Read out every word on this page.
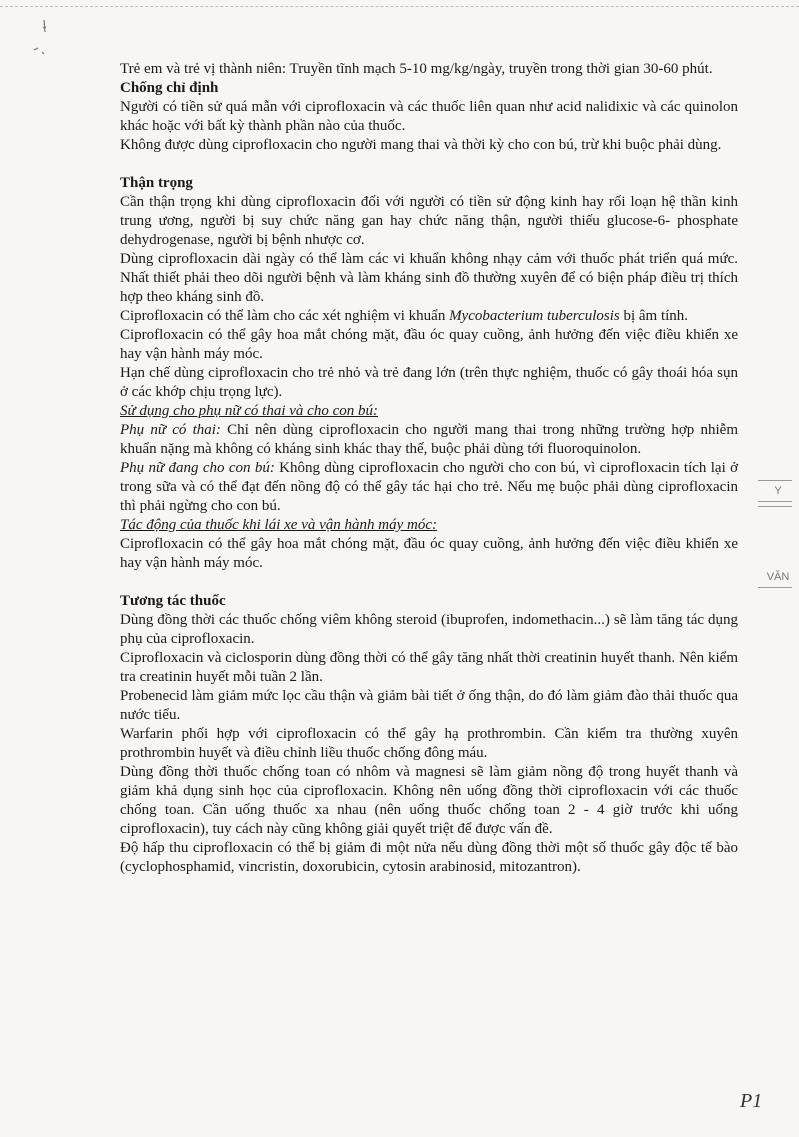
Trẻ em và trẻ vị thành niên: Truyền tĩnh mạch 5-10 mg/kg/ngày, truyền trong thời gian 30-60 phút.

Chống chỉ định

Người có tiền sử quá mẫn với ciprofloxacin và các thuốc liên quan như acid nalidixic và các quinolon khác hoặc với bất kỳ thành phần nào của thuốc.

Không được dùng ciprofloxacin cho người mang thai và thời kỳ cho con bú, trừ khi buộc phải dùng.

Thận trọng

Cần thận trọng khi dùng ciprofloxacin đối với người có tiền sử động kinh hay rối loạn hệ thần kinh trung ương, người bị suy chức năng gan hay chức năng thận, người thiếu glucose-6- phosphate dehydrogenase, người bị bệnh nhược cơ.

Dùng ciprofloxacin dài ngày có thể làm các vi khuẩn không nhạy cảm với thuốc phát triển quá mức. Nhất thiết phải theo dõi người bệnh và làm kháng sinh đồ thường xuyên để có biện pháp điều trị thích hợp theo kháng sinh đồ.

Ciprofloxacin có thể làm cho các xét nghiệm vi khuẩn Mycobacterium tuberculosis bị âm tính.

Ciprofloxacin có thể gây hoa mắt chóng mặt, đầu óc quay cuồng, ảnh hưởng đến việc điều khiển xe hay vận hành máy móc.

Hạn chế dùng ciprofloxacin cho trẻ nhỏ và trẻ đang lớn (trên thực nghiệm, thuốc có gây thoái hóa sụn ở các khớp chịu trọng lực).

Sử dụng cho phụ nữ có thai và cho con bú:

Phụ nữ có thai: Chỉ nên dùng ciprofloxacin cho người mang thai trong những trường hợp nhiễm khuẩn nặng mà không có kháng sinh khác thay thế, buộc phải dùng tới fluoroquinolon.

Phụ nữ đang cho con bú: Không dùng ciprofloxacin cho người cho con bú, vì ciprofloxacin tích lại ở trong sữa và có thể đạt đến nồng độ có thể gây tác hại cho trẻ. Nếu mẹ buộc phải dùng ciprofloxacin thì phải ngừng cho con bú.

Tác động của thuốc khi lái xe và vận hành máy móc:

Ciprofloxacin có thể gây hoa mắt chóng mặt, đầu óc quay cuồng, ảnh hưởng đến việc điều khiển xe hay vận hành máy móc.

Tương tác thuốc

Dùng đồng thời các thuốc chống viêm không steroid (ibuprofen, indomethacin...) sẽ làm tăng tác dụng phụ của ciprofloxacin.

Ciprofloxacin và ciclosporin dùng đồng thời có thể gây tăng nhất thời creatinin huyết thanh. Nên kiểm tra creatinin huyết mỗi tuần 2 lần.

Probenecid làm giảm mức lọc cầu thận và giảm bài tiết ở ống thận, do đó làm giảm đào thải thuốc qua nước tiểu.

Warfarin phối hợp với ciprofloxacin có thể gây hạ prothrombin. Cần kiểm tra thường xuyên prothrombin huyết và điều chỉnh liều thuốc chống đông máu.

Dùng đồng thời thuốc chống toan có nhôm và magnesi sẽ làm giảm nồng độ trong huyết thanh và giảm khả dụng sinh học của ciprofloxacin. Không nên uống đồng thời ciprofloxacin với các thuốc chống toan. Cần uống thuốc xa nhau (nên uống thuốc chống toan 2 - 4 giờ trước khi uống ciprofloxacin), tuy cách này cũng không giải quyết triệt để được vấn đề.

Độ hấp thu ciprofloxacin có thể bị giảm đi một nửa nếu dùng đồng thời một số thuốc gây độc tế bào (cyclophosphamid, vincristin, doxorubicin, cytosin arabinosid, mitozantron).

Y
VĂN
P1
